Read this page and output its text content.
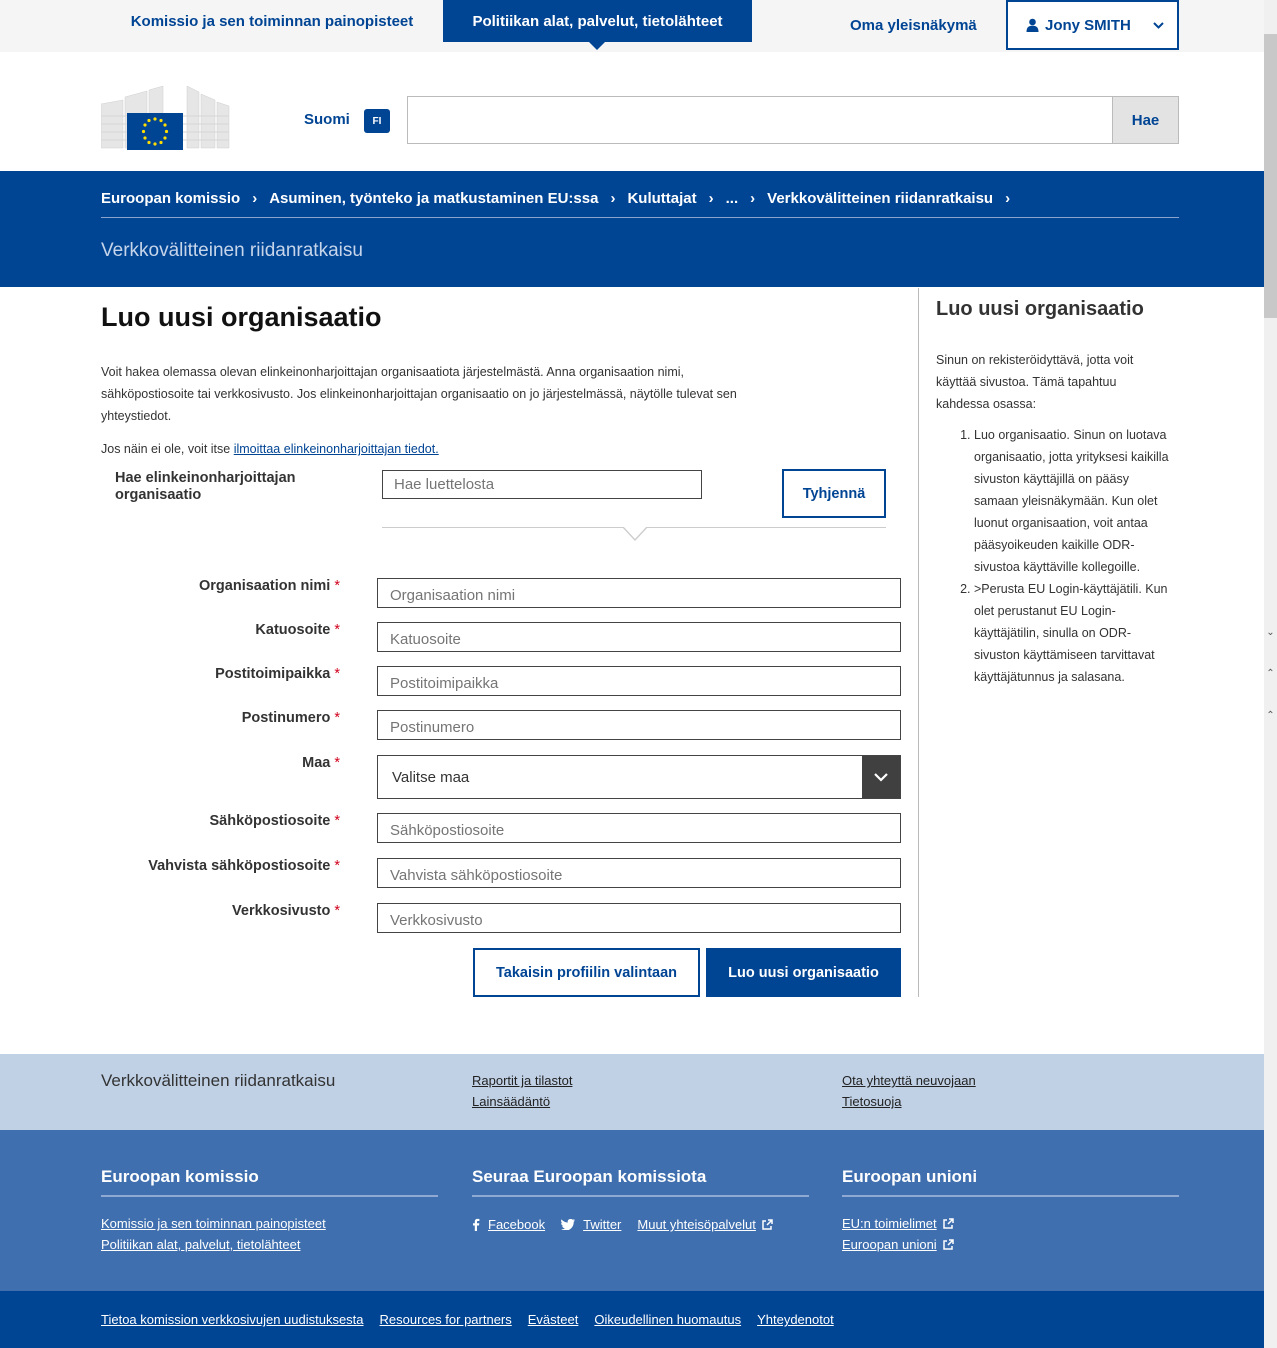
Komissio ja sen toiminnan painopisteet	Politiikan alat, palvelut, tietolähteet	Oma yleisnäkymä	Jony SMITH
Suomi	FI	Hae
Euroopan komissio › Asuminen, työnteko ja matkustaminen EU:ssa › Kuluttajat › ... › Verkkovälitteinen riidanratkaisu ›
Verkkovälitteinen riidanratkaisu
Luo uusi organisaatio

Voit hakea olemassa olevan elinkeinonharjoittajan organisaatiota järjestelmästä. Anna organisaation nimi, sähköpostiosoite tai verkkosivusto. Jos elinkeinonharjoittajan organisaatio on jo järjestelmässä, näytölle tulevat sen yhteystiedot.

Jos näin ei ole, voit itse ilmoittaa elinkeinonharjoittajan tiedot.

Hae elinkeinonharjoittajan organisaatio
Hae luettelosta	Tyhjennä
Organisaation nimi *
Organisaation nimi
Katuosoite *
Katuosoite
Postitoimipaikka *
Postitoimipaikka
Postinumero *
Postinumero
Maa *
Valitse maa
Sähköpostiosoite *
Sähköpostiosoite
Vahvista sähköpostiosoite *
Vahvista sähköpostiosoite
Verkkosivusto *
Verkkosivusto
Takaisin profiilin valintaan	Luo uusi organisaatio
Luo uusi organisaatio

Sinun on rekisteröidyttävä, jotta voit käyttää sivustoa. Tämä tapahtuu kahdessa osassa:

1. Luo organisaatio. Sinun on luotava organisaatio, jotta yrityksesi kaikilla sivuston käyttäjillä on pääsy samaan yleisnäkymään. Kun olet luonut organisaation, voit antaa pääsyoikeuden kaikille ODR-sivustoa käyttäville kollegoille.
2. >Perusta EU Login-käyttäjätili. Kun olet perustanut EU Login-käyttäjätilin, sinulla on ODR-sivuston käyttämiseen tarvittavat käyttäjätunnus ja salasana.
⌄
⌃
⌃
Verkkovälitteinen riidanratkaisu	Raportit ja tilastot
Lainsäädäntö
Ota yhteyttä neuvojaan
Tietosuoja
Euroopan komissio
Komissio ja sen toiminnan painopisteet
Politiikan alat, palvelut, tietolähteet
Seuraa Euroopan komissiota
Facebook	Twitter Muut yhteisöpalvelut
Euroopan unioni
EU:n toimielimet
Euroopan unioni
Tietoa komission verkkosivujen uudistuksesta Resources for partners Evästeet Oikeudellinen huomautus Yhteydenotot
